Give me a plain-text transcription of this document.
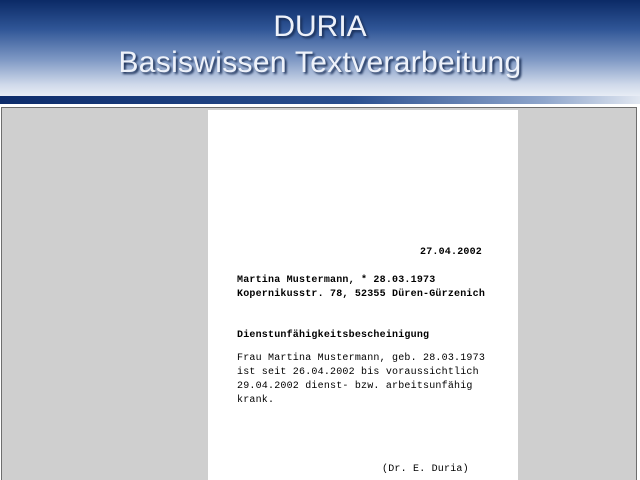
DURIA
Basiswissen Textverarbeitung
27.04.2002
Martina Mustermann, * 28.03.1973
Kopernikusstr. 78, 52355 Düren-Gürzenich
Dienstunfähigkeitsbescheinigung
Frau Martina Mustermann, geb. 28.03.1973
ist seit 26.04.2002 bis voraussichtlich
29.04.2002 dienst- bzw. arbeitsunfähig
krank.
(Dr. E. Duria)
